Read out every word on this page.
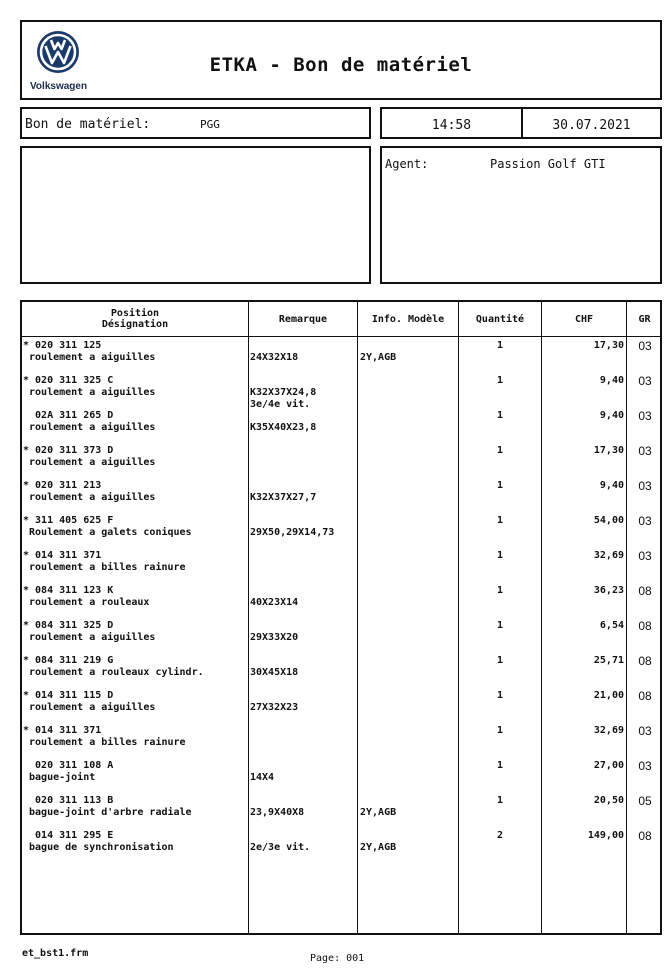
Volkswagen
ETKA - Bon de matériel
Bon de matériel:	PGG	14:58	30.07.2021
Agent:	Passion Golf GTI
Position
Désignation	Remarque	Info. Modèle	Quantité	CHF	GR
* 020 311 125
roulement a aiguilles	24X32X18	2Y,AGB
1	17,30	03
* 020 311 325 C
roulement a aiguilles	K32X37X24,8
3e/4e vit.
1	9,40	03
02A 311 265 D
roulement a aiguilles	K35X40X23,8
1	9,40	03
* 020 311 373 D
roulement a aiguilles
1	17,30	03
* 020 311 213
roulement a aiguilles	K32X37X27,7
1	9,40	03
* 311 405 625 F
Roulement a galets coniques	29X50,29X14,73
1	54,00	03
* 014 311 371
roulement a billes rainure
1	32,69	03
* 084 311 123 K
roulement a rouleaux	40X23X14
1	36,23	08
* 084 311 325 D
roulement a aiguilles	29X33X20
1	6,54	08
* 084 311 219 G
roulement a rouleaux cylindr.	30X45X18
1	25,71	08
* 014 311 115 D
roulement a aiguilles	27X32X23
1	21,00	08
* 014 311 371
roulement a billes rainure
1	32,69	03
020 311 108 A
bague-joint	14X4
1	27,00	03
020 311 113 B
bague-joint d'arbre radiale	23,9X40X8	2Y,AGB
1	20,50	05
014 311 295 E
bague de synchronisation	2e/3e vit.	2Y,AGB
2	149,00	08
et_bst1.frm	Page: 001
